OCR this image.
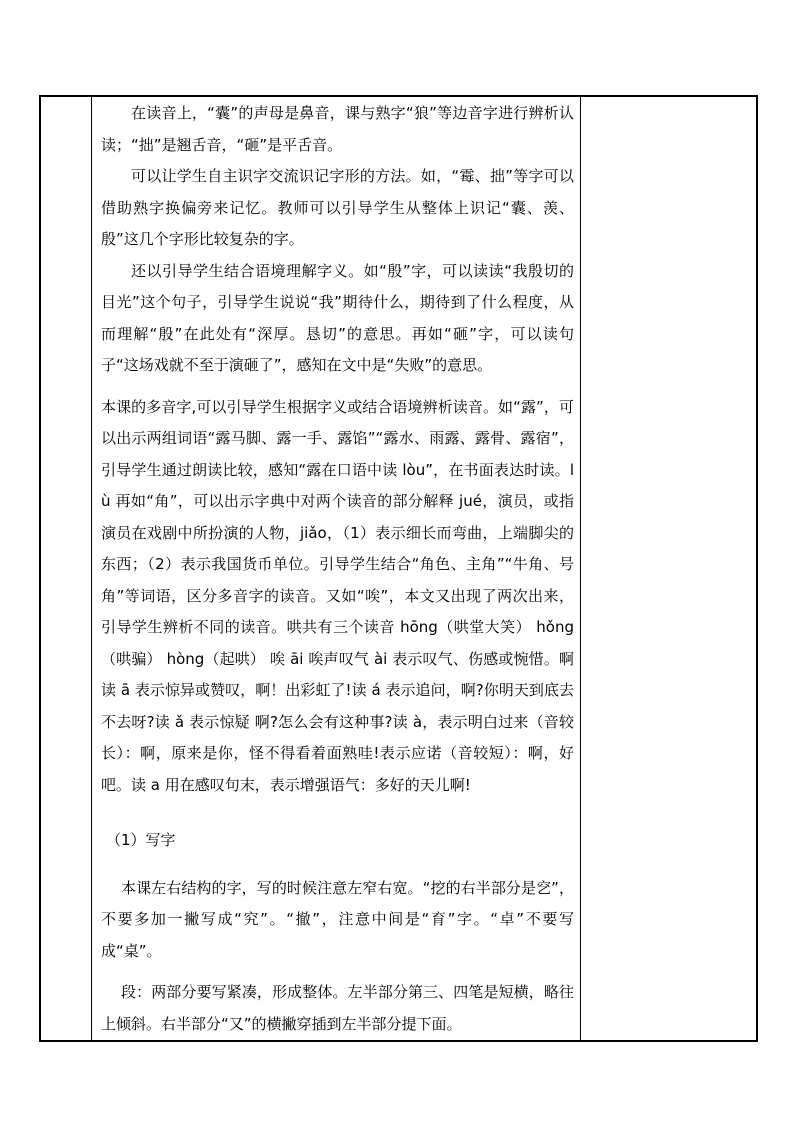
在读音上，“囊”的声母是鼻音，课与熟字“狼”等边音字进行辨析认读；“拙”是翘舌音，“砸”是平舌音。

可以让学生自主识字交流识记字形的方法。如，“霉、拙”等字可以借助熟字换偏旁来记忆。教师可以引导学生从整体上识记“囊、羡、殷”这几个字形比较复杂的字。

还以引导学生结合语境理解字义。如“殷”字，可以读读“我殷切的目光”这个句子，引导学生说说“我”期待什么，期待到了什么程度，从而理解“殷”在此处有“深厚。恳切”的意思。再如“砸”字，可以读句子“这场戏就不至于演砸了”，感知在文中是“失败”的意思。

本课的多音字,可以引导学生根据字义或结合语境辨析读音。如“露”，可以出示两组词语“露马脚、露一手、露馅”“露水、雨露、露骨、露宿”，引导学生通过朗读比较，感知“露在口语中读 lòu”，在书面表达时读。lù 再如“角”，可以出示字典中对两个读音的部分解释 jué，演员，或指演员在戏剧中所扮演的人物，jiǎo，（1）表示细长而弯曲，上端脚尖的东西；（2）表示我国货币单位。引导学生结合“角色、主角”“牛角、号角”等词语，区分多音字的读音。又如“唉”，本文又出现了两次出来，引导学生辨析不同的读音。哄共有三个读音 hōng（哄堂大笑） hǒng（哄骗） hòng（起哄） 唉 āi 唉声叹气 ài 表示叹气、伤感或惋惜。啊读 ā 表示惊异或赞叹，啊！出彩虹了!读 á 表示追问，啊?你明天到底去不去呀?读 ǎ 表示惊疑 啊?怎么会有这种事?读 à，表示明白过来（音较长）：啊，原来是你，怪不得看着面熟哇!表示应诺（音较短）：啊，好吧。读 a 用在感叹句末，表示增强语气：多好的天儿啊!

（1）写字

本课左右结构的字，写的时候注意左窄右宽。“挖的右半部分是穵”，不要多加一撇写成“究”。“撤”，注意中间是“育”字。“卓”不要写成“桌”。

段：两部分要写紧凑，形成整体。左半部分第三、四笔是短横，略往上倾斜。右半部分“又”的横撇穿插到左半部分提下面。
